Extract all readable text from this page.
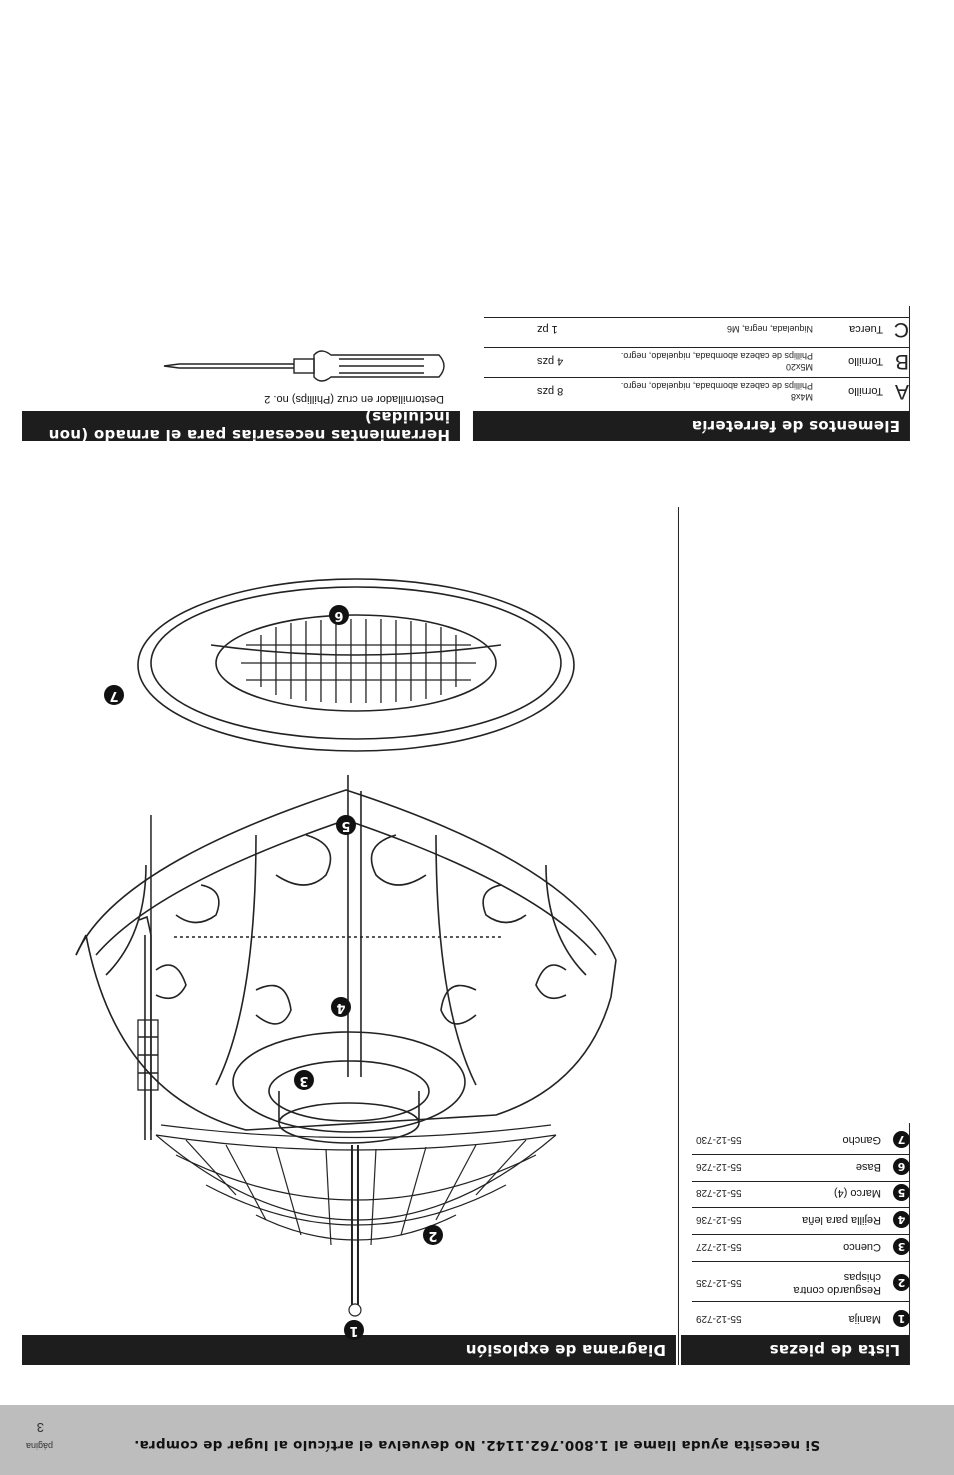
Si necesita ayuda llame al 1.800.762.1142. No devuelva el artículo al lugar de compra.
página
3
Lista de piezas
1
Manija
55-12-729
2
Resguardo contra chispas
55-12-735
3
Cuenco
55-12-727
4
Rejilla para leña
55-12-736
5
Marco (4)
55-12-728
6
Base
55-12-726
7
Gancho
55-12-730
Diagrama de explosión
1
2
3
4
5
6
7
Elementos de ferretería
A
Tornillo
M4x8
Phillips de cabeza abombada, niquelado, negro.
8 pzs
B
Tornillo
M5x20
Phillips de cabeza abombada, niquelado, negro.
4 pzs
C
Tuerca
Niquelada, negra, M6
1 pz
Herramientas necesarias para el armado (non incluidas)
Destornillador en cruz (Phillips) no. 2
